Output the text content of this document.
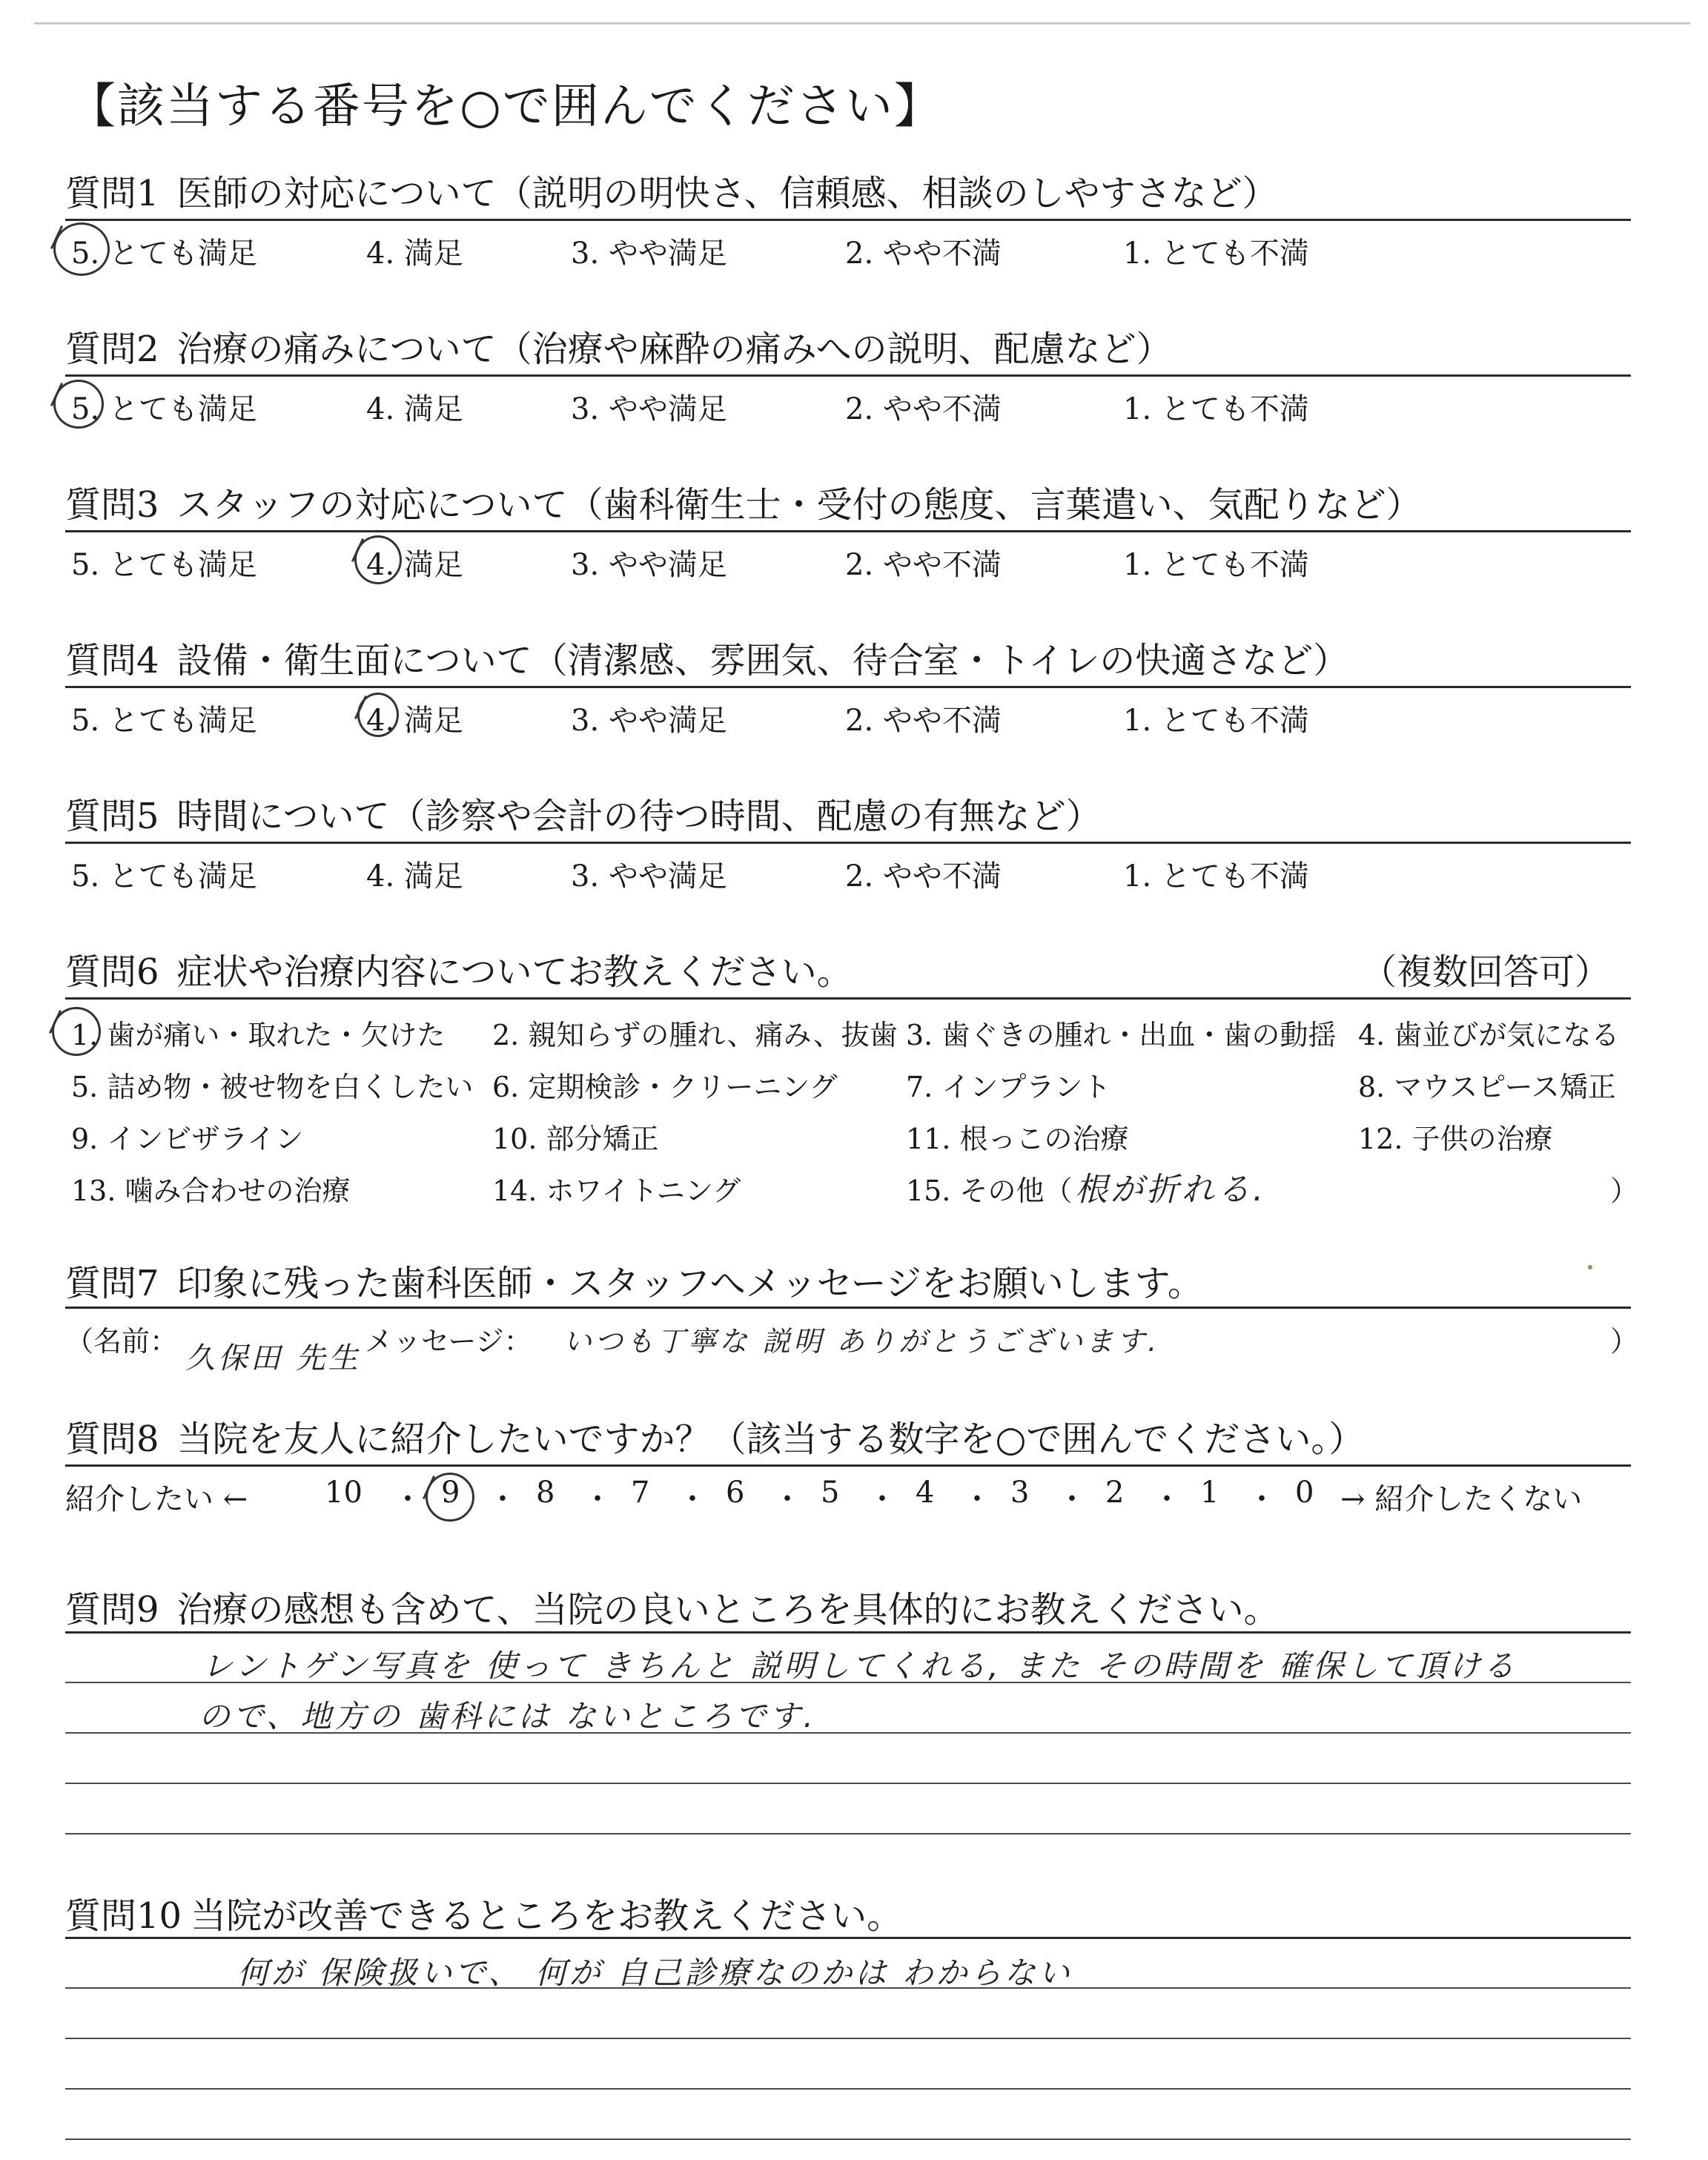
【該当する番号を○で囲んでください】
質問1 医師の対応について（説明の明快さ、信頼感、相談のしやすさなど）
5. とても満足	4. 満足	3. やや満足	2. やや不満	1. とても不満
質問2 治療の痛みについて（治療や麻酔の痛みへの説明、配慮など）
5. とても満足	4. 満足	3. やや満足	2. やや不満	1. とても不満
質問3 スタッフの対応について（歯科衛生士・受付の態度、言葉遣い、気配りなど）
5. とても満足	4. 満足	3. やや満足	2. やや不満	1. とても不満
質問4 設備・衛生面について（清潔感、雰囲気、待合室・トイレの快適さなど）
5. とても満足	4. 満足	3. やや満足	2. やや不満	1. とても不満
質問5 時間について（診察や会計の待つ時間、配慮の有無など）
5. とても満足	4. 満足	3. やや満足	2. やや不満	1. とても不満
質問6 症状や治療内容についてお教えください。	（複数回答可）
1. 歯が痛い・取れた・欠けた 2. 親知らずの腫れ、痛み、抜歯 3. 歯ぐきの腫れ・出血・歯の動揺 4. 歯並びが気になる
5. 詰め物・被せ物を白くしたい 6. 定期検診・クリーニング 7. インプラント	8. マウスピース矯正
9. インビザライン	10. 部分矯正	11. 根っこの治療	12. 子供の治療
13. 噛み合わせの治療	14. ホワイトニング	15. その他（ 根が折れる.	）
質問7 印象に残った歯科医師・スタッフへメッセージをお願いします。
（名前： 久保田 先生 メッセージ： いつも丁寧な 説明 ありがとうございます.	）
質問8 当院を友人に紹介したいですか？（該当する数字を○で囲んでください。）
紹介したい ←	10 ・ 9 ・ 8 ・ 7 ・ 6 ・ 5 ・ 4 ・ 3 ・ 2 ・ 1 ・ 0 → 紹介したくない
質問9 治療の感想も含めて、当院の良いところを具体的にお教えください。
レントゲン写真を 使って きちんと 説明してくれる, また その時間を 確保して頂ける
ので、地方の 歯科には ないところです.
質問10 当院が改善できるところをお教えください。
何が 保険扱いで、 何が 自己診療なのかは わからない
